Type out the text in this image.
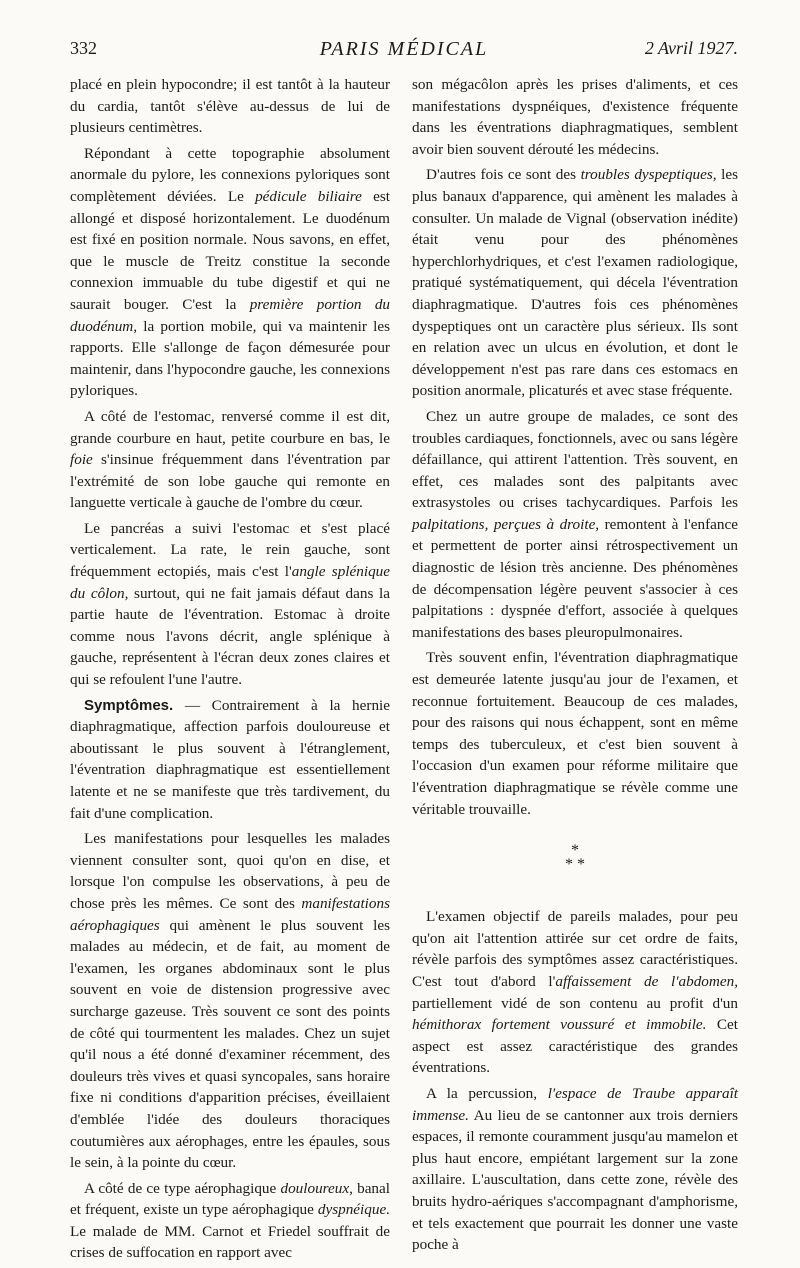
332	PARIS MÉDICAL	2 Avril 1927.

placé en plein hypocondre; il est tantôt à la hauteur du cardia, tantôt s'élève au-dessus de lui de plusieurs centimètres.

Répondant à cette topographie absolument anormale du pylore, les connexions pyloriques sont complètement déviées. Le pédicule biliaire est allongé et disposé horizontalement. Le duodénum est fixé en position normale. Nous savons, en effet, que le muscle de Treitz constitue la seconde connexion immuable du tube digestif et qui ne saurait bouger. C'est la première portion du duodénum, la portion mobile, qui va maintenir les rapports. Elle s'allonge de façon démesurée pour maintenir, dans l'hypocondre gauche, les connexions pyloriques.

A côté de l'estomac, renversé comme il est dit, grande courbure en haut, petite courbure en bas, le foie s'insinue fréquemment dans l'éventration par l'extrémité de son lobe gauche qui remonte en languette verticale à gauche de l'ombre du cœur.

Le pancréas a suivi l'estomac et s'est placé verticalement. La rate, le rein gauche, sont fréquemment ectopiés, mais c'est l'angle splénique du côlon, surtout, qui ne fait jamais défaut dans la partie haute de l'éventration. Estomac à droite comme nous l'avons décrit, angle splénique à gauche, représentent à l'écran deux zones claires et qui se refoulent l'une l'autre.

Symptômes. — Contrairement à la hernie diaphragmatique, affection parfois douloureuse et aboutissant le plus souvent à l'étranglement, l'éventration diaphragmatique est essentiellement latente et ne se manifeste que très tardivement, du fait d'une complication.

Les manifestations pour lesquelles les malades viennent consulter sont, quoi qu'on en dise, et lorsque l'on compulse les observations, à peu de chose près les mêmes. Ce sont des manifestations aérophagiques qui amènent le plus souvent les malades au médecin, et de fait, au moment de l'examen, les organes abdominaux sont le plus souvent en voie de distension progressive avec surcharge gazeuse. Très souvent ce sont des points de côté qui tourmentent les malades. Chez un sujet qu'il nous a été donné d'examiner récemment, des douleurs très vives et quasi syncopales, sans horaire fixe ni conditions d'apparition précises, éveillaient d'emblée l'idée des douleurs thoraciques coutumières aux aérophages, entre les épaules, sous le sein, à la pointe du cœur.

A côté de ce type aérophagique douloureux, banal et fréquent, existe un type aérophagique dyspnéique. Le malade de MM. Carnot et Friedel souffrait de crises de suffocation en rapport avec

son mégacôlon après les prises d'aliments, et ces manifestations dyspnéiques, d'existence fréquente dans les éventrations diaphragmatiques, semblent avoir bien souvent dérouté les médecins.

D'autres fois ce sont des troubles dyspeptiques, les plus banaux d'apparence, qui amènent les malades à consulter. Un malade de Vignal (observation inédite) était venu pour des phénomènes hyperchlorhydriques, et c'est l'examen radiologique, pratiqué systématiquement, qui décela l'éventration diaphragmatique. D'autres fois ces phénomènes dyspeptiques ont un caractère plus sérieux. Ils sont en relation avec un ulcus en évolution, et dont le développement n'est pas rare dans ces estomacs en position anormale, plicaturés et avec stase fréquente.

Chez un autre groupe de malades, ce sont des troubles cardiaques, fonctionnels, avec ou sans légère défaillance, qui attirent l'attention. Très souvent, en effet, ces malades sont des palpitants avec extrasystoles ou crises tachycardiques. Parfois les palpitations, perçues à droite, remontent à l'enfance et permettent de porter ainsi rétrospectivement un diagnostic de lésion très ancienne. Des phénomènes de décompensation légère peuvent s'associer à ces palpitations : dyspnée d'effort, associée à quelques manifestations des bases pleuropulmonaires.

Très souvent enfin, l'éventration diaphragmatique est demeurée latente jusqu'au jour de l'examen, et reconnue fortuitement. Beaucoup de ces malades, pour des raisons qui nous échappent, sont en même temps des tuberculeux, et c'est bien souvent à l'occasion d'un examen pour réforme militaire que l'éventration diaphragmatique se révèle comme une véritable trouvaille.

*
* *

L'examen objectif de pareils malades, pour peu qu'on ait l'attention attirée sur cet ordre de faits, révèle parfois des symptômes assez caractéristiques. C'est tout d'abord l'affaissement de l'abdomen, partiellement vidé de son contenu au profit d'un hémithorax fortement voussuré et immobile. Cet aspect est assez caractéristique des grandes éventrations.

A la percussion, l'espace de Traube apparaît immense. Au lieu de se cantonner aux trois derniers espaces, il remonte couramment jusqu'au mamelon et plus haut encore, empiétant largement sur la zone axillaire. L'auscultation, dans cette zone, révèle des bruits hydro-aériques s'accompagnant d'amphorisme, et tels exactement que pourrait les donner une vaste poche à
